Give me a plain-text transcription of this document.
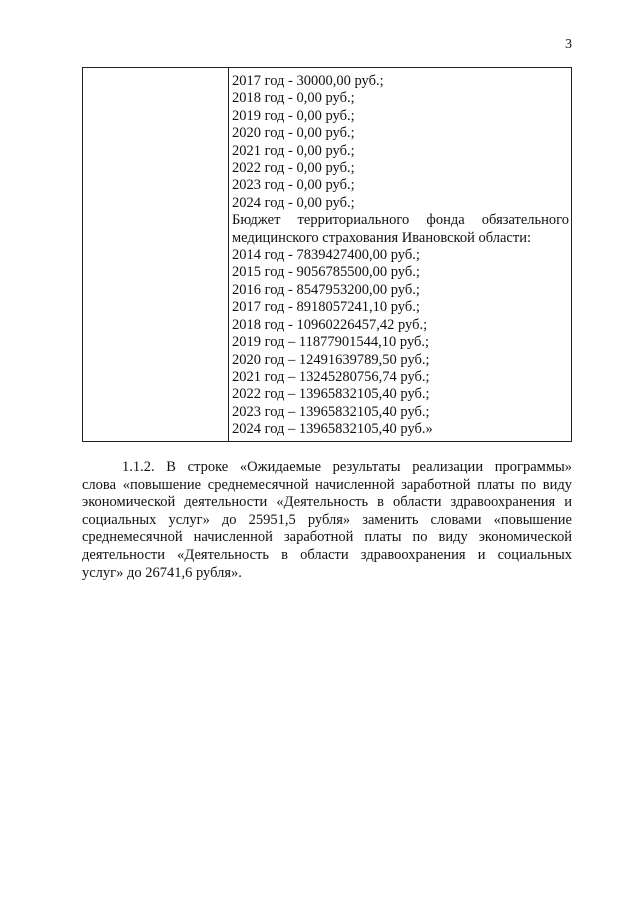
3
2017 год - 30000,00 руб.;
2018 год - 0,00 руб.;
2019 год - 0,00 руб.;
2020 год - 0,00 руб.;
2021 год - 0,00 руб.;
2022 год - 0,00 руб.;
2023 год - 0,00 руб.;
2024 год - 0,00 руб.;
Бюджет территориального фонда обязательного
медицинского страхования Ивановской области:
2014 год - 7839427400,00 руб.;
2015 год - 9056785500,00 руб.;
2016 год - 8547953200,00 руб.;
2017 год - 8918057241,10 руб.;
2018 год - 10960226457,42 руб.;
2019 год – 11877901544,10 руб.;
2020 год – 12491639789,50 руб.;
2021 год – 13245280756,74 руб.;
2022 год – 13965832105,40 руб.;
2023 год – 13965832105,40 руб.;
2024 год – 13965832105,40 руб.»
1.1.2. В строке «Ожидаемые результаты реализации программы»
слова «повышение среднемесячной начисленной заработной платы по виду
экономической деятельности «Деятельность в области здравоохранения и
социальных услуг» до 25951,5 рубля» заменить словами «повышение
среднемесячной начисленной заработной платы по виду экономической
деятельности «Деятельность в области здравоохранения и социальных
услуг» до 26741,6 рубля».
